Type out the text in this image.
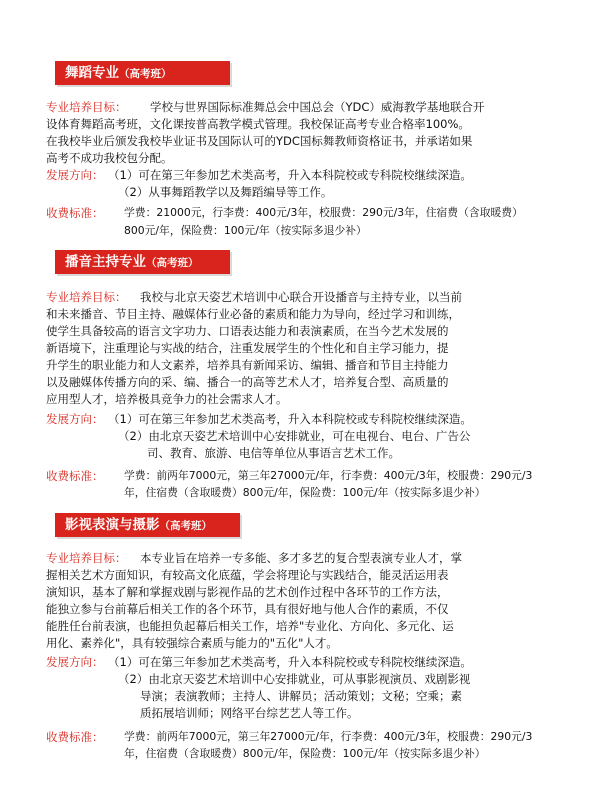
舞蹈专业（高考班）
专业培养目标： 学校与世界国际标准舞总会中国总会（YDC）威海教学基地联合开
设体育舞蹈高考班，文化课按普高教学模式管理。我校保证高考专业合格率100%。
在我校毕业后颁发我校毕业证书及国际认可的YDC国标舞教师资格证书，并承诺如果
高考不成功我校包分配。
发展方向： （1）可在第三年参加艺术类高考，升入本科院校或专科院校继续深造。
（2）从事舞蹈教学以及舞蹈编导等工作。
收费标准： 学费：21000元，行李费：400元/3年，校服费：290元/3年，住宿费（含取暖费）
800元/年，保险费：100元/年（按实际多退少补）
播音主持专业（高考班）
专业培养目标： 我校与北京天姿艺术培训中心联合开设播音与主持专业，以当前
和未来播音、节目主持、融媒体行业必备的素质和能力为导向，经过学习和训练，
使学生具备较高的语言文字功力、口语表达能力和表演素质，在当今艺术发展的
新语境下，注重理论与实战的结合，注重发展学生的个性化和自主学习能力，提
升学生的职业能力和人文素养，培养具有新闻采访、编辑、播音和节目主持能力
以及融媒体传播方向的采、编、播合一的高等艺术人才，培养复合型、高质量的
应用型人才，培养极具竞争力的社会需求人才。
发展方向： （1）可在第三年参加艺术类高考，升入本科院校或专科院校继续深造。
（2）由北京天姿艺术培训中心安排就业，可在电视台、电台、广告公
司、教育、旅游、电信等单位从事语言艺术工作。
收费标准： 学费：前两年7000元，第三年27000元/年，行李费：400元/3年，校服费：290元/3
年，住宿费（含取暖费）800元/年，保险费：100元/年（按实际多退少补）
影视表演与摄影（高考班）
专业培养目标： 本专业旨在培养一专多能、多才多艺的复合型表演专业人才，掌
握相关艺术方面知识，有较高文化底蕴，学会将理论与实践结合，能灵活运用表
演知识，基本了解和掌握戏剧与影视作品的艺术创作过程中各环节的工作方法，
能独立参与台前幕后相关工作的各个环节，具有很好地与他人合作的素质，不仅
能胜任台前表演，也能担负起幕后相关工作，培养"专业化、方向化、多元化、运
用化、素养化"，具有较强综合素质与能力的"五化"人才。
发展方向： （1）可在第三年参加艺术类高考，升入本科院校或专科院校继续深造。
（2）由北京天姿艺术培训中心安排就业，可从事影视演员、戏剧影视
导演；表演教师；主持人、讲解员；活动策划；文秘；空乘；素
质拓展培训师；网络平台综艺艺人等工作。
收费标准： 学费：前两年7000元，第三年27000元/年，行李费：400元/3年，校服费：290元/3
年，住宿费（含取暖费）800元/年，保险费：100元/年（按实际多退少补）
